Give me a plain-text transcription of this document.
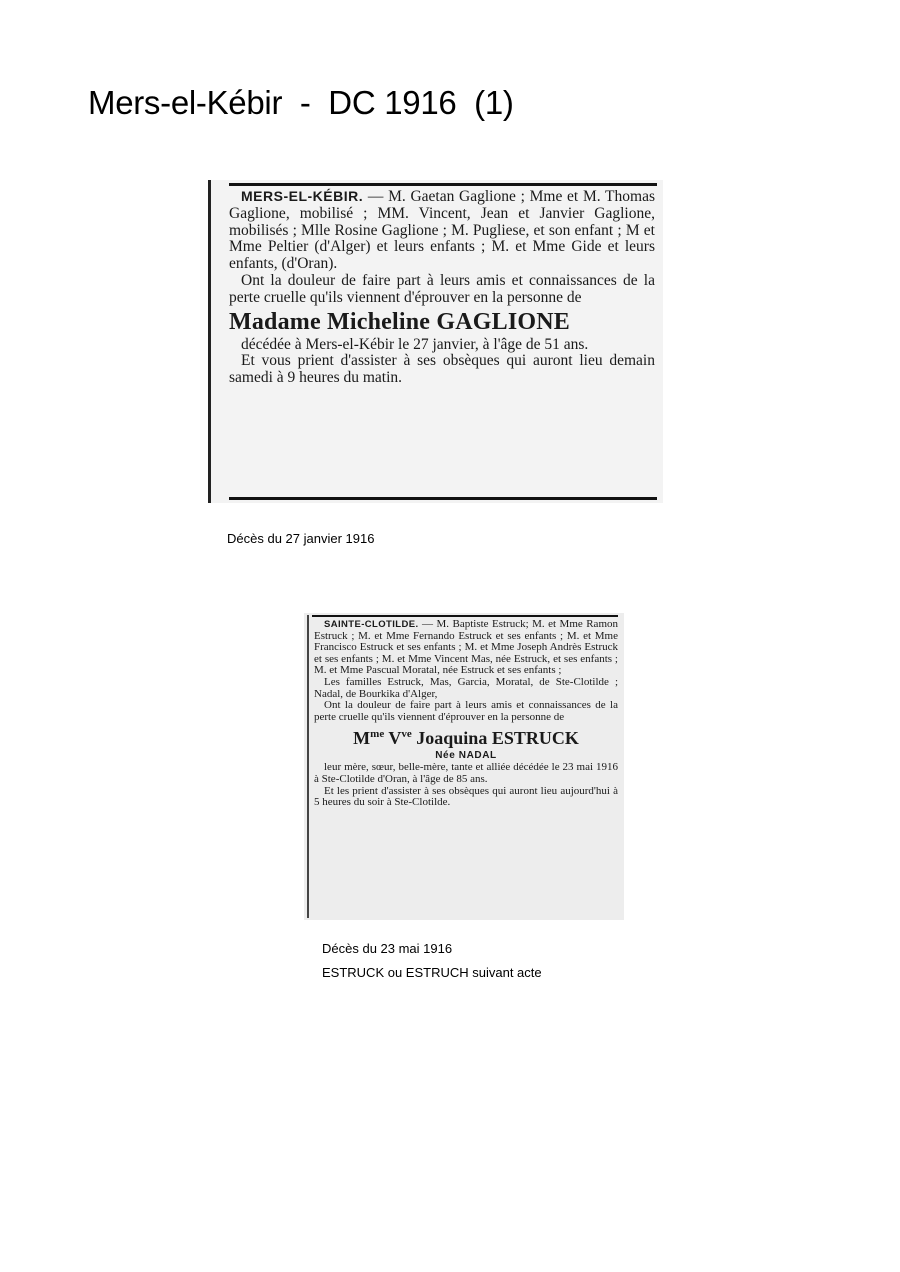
Mers-el-Kébir  -  DC 1916  (1)

MERS-EL-KÉBIR. — M. Gaetan Gaglione ; Mme et M. Thomas Gaglione, mobilisé ; MM. Vincent, Jean et Janvier Gaglione, mobilisés ; Mlle Rosine Gaglione ; M. Pugliese, et son enfant ; M et Mme Peltier (d'Alger) et leurs enfants ; M. et Mme Gide et leurs enfants, (d'Oran).

Ont la douleur de faire part à leurs amis et connaissances de la perte cruelle qu'ils viennent d'éprouver en la personne de

Madame Micheline GAGLIONE

décédée à Mers-el-Kébir le 27 janvier, à l'âge de 51 ans.

Et vous prient d'assister à ses obsèques qui auront lieu demain samedi à 9 heures du matin.

Décès du 27 janvier 1916

SAINTE-CLOTILDE. — M. Baptiste Estruck; M. et Mme Ramon Estruck ; M. et Mme Fernando Estruck et ses enfants ; M. et Mme Francisco Estruck et ses enfants ; M. et Mme Joseph Andrès Estruck et ses enfants ; M. et Mme Vincent Mas, née Estruck, et ses enfants ; M. et Mme Pascual Moratal, née Estruck et ses enfants ;

Les familles Estruck, Mas, Garcia, Moratal, de Ste-Clotilde ; Nadal, de Bourkika d'Alger,

Ont la douleur de faire part à leurs amis et connaissances de la perte cruelle qu'ils viennent d'éprouver en la personne de

$M^{me}$ $V^{ve}$ Joaquina ESTRUCK

Née NADAL

leur mère, sœur, belle-mère, tante et alliée décédée le 23 mai 1916 à Ste-Clotilde d'Oran, à l'âge de 85 ans.

Et les prient d'assister à ses obsèques qui auront lieu aujourd'hui à 5 heures du soir à Ste-Clotilde.

Décès du 23 mai 1916
ESTRUCK ou ESTRUCH suivant acte
